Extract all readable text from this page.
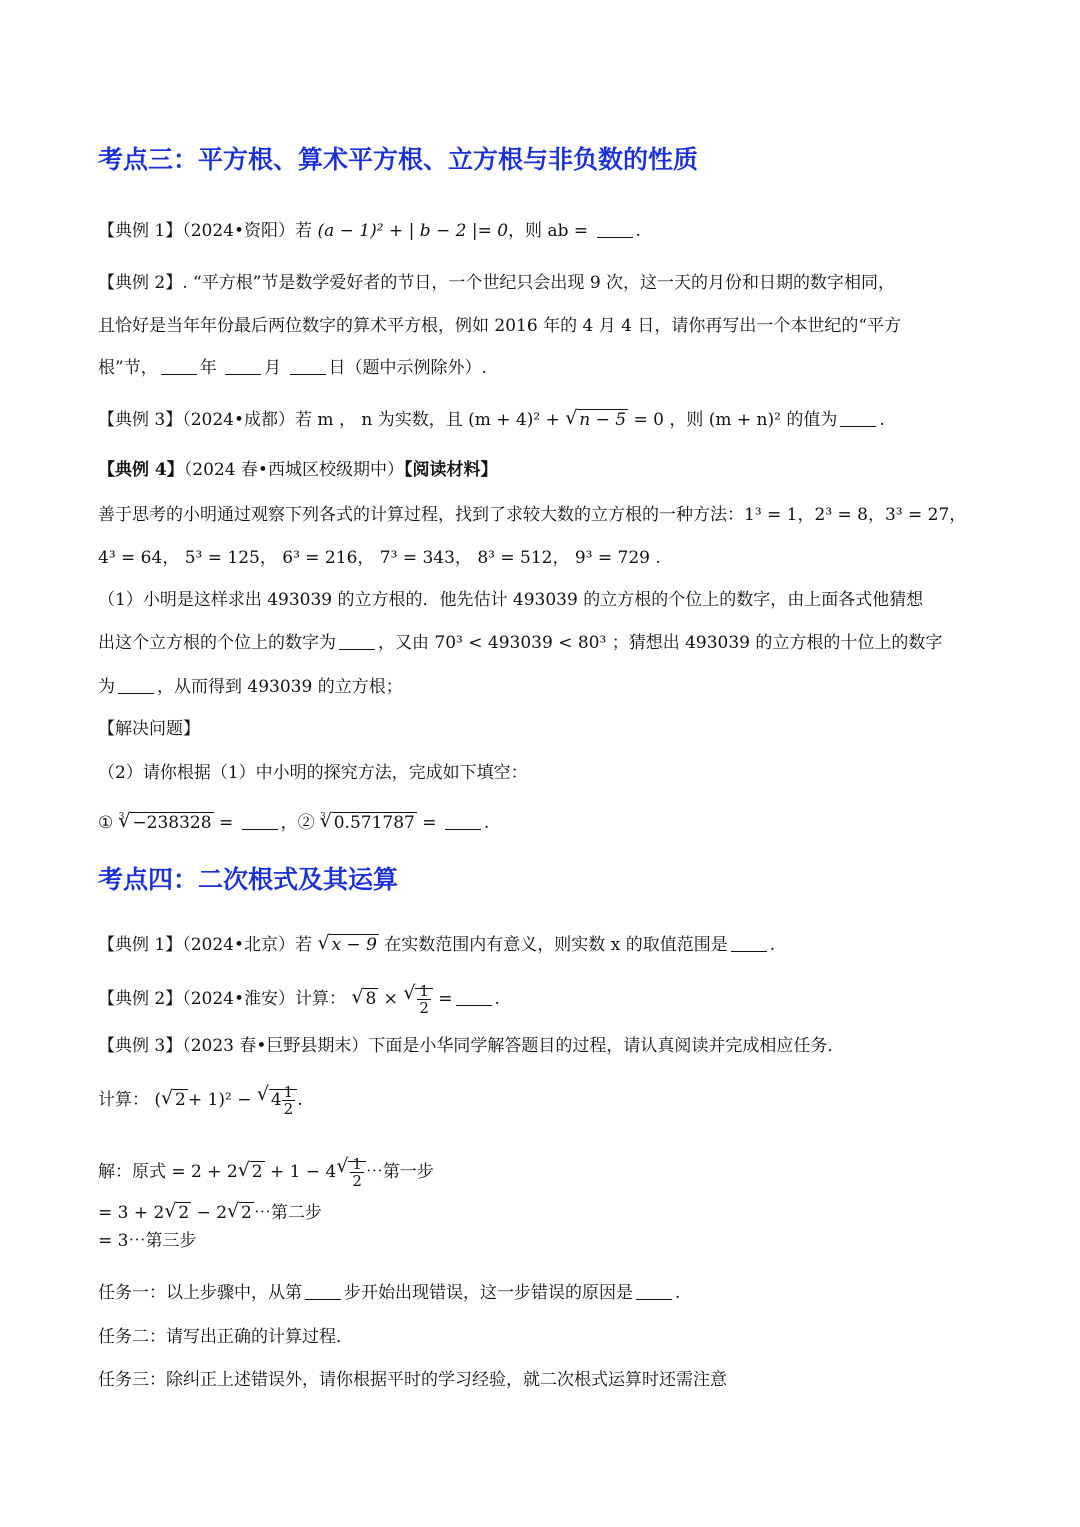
考点三：平方根、算术平方根、立方根与非负数的性质
【典例 1】（2024•资阳）若 (a − 1)² + | b − 2 |= 0，则 ab =	.
【典例 2】. “平方根”节是数学爱好者的节日，一个世纪只会出现 9 次，这一天的月份和日期的数字相同，
且恰好是当年年份最后两位数字的算术平方根，例如 2016 年的 4 月 4 日，请你再写出一个本世纪的“平方
根”节， 年	月	日（题中示例除外）.
【典例 3】（2024•成都）若 m ， n 为实数，且 (m + 4)² + √ n − 5 = 0 ，则 (m + n)² 的值为 .
【典例 4】（2024 春•西城区校级期中）【阅读材料】
善于思考的小明通过观察下列各式的计算过程，找到了求较大数的立方根的一种方法：1³ = 1，2³ = 8，3³ = 27，
4³ = 64， 5³ = 125， 6³ = 216， 7³ = 343， 8³ = 512， 9³ = 729 .
（1）小明是这样求出 493039 的立方根的．他先估计 493039 的立方根的个位上的数字，由上面各式他猜想
出这个立方根的个位上的数字为 ，又由 70³ < 493039 < 80³ ；猜想出 493039 的立方根的十位上的数字
为 ，从而得到 493039 的立方根；
【解决问题】
（2）请你根据（1）中小明的探究方法，完成如下填空：
① $^3$ √ −238328 = ，② $^3$ √ 0.571787 = .
考点四：二次根式及其运算
【典例 1】（2024•北京）若 √ x − 9 在实数范围内有意义，则实数 x 的取值范围是 .
【典例 2】（2024•淮安）计算： √ 8 × √ $\frac{1}{2}$ = .
【典例 3】（2023 春•巨野县期末）下面是小华同学解答题目的过程，请认真阅读并完成相应任务．
计算： ( √ 2 + 1)² − √ $4 \frac{1}{2}$ .
解：原式 = 2 + 2 √ 2 + 1 − 4 √ $\frac{1}{2}$ ⋯第一步
= 3 + 2 √ 2 − 2 √ 2 ⋯第二步
= 3⋯第三步
任务一：以上步骤中，从第 步开始出现错误，这一步错误的原因是 .
任务二：请写出正确的计算过程．
任务三：除纠正上述错误外，请你根据平时的学习经验，就二次根式运算时还需注意
